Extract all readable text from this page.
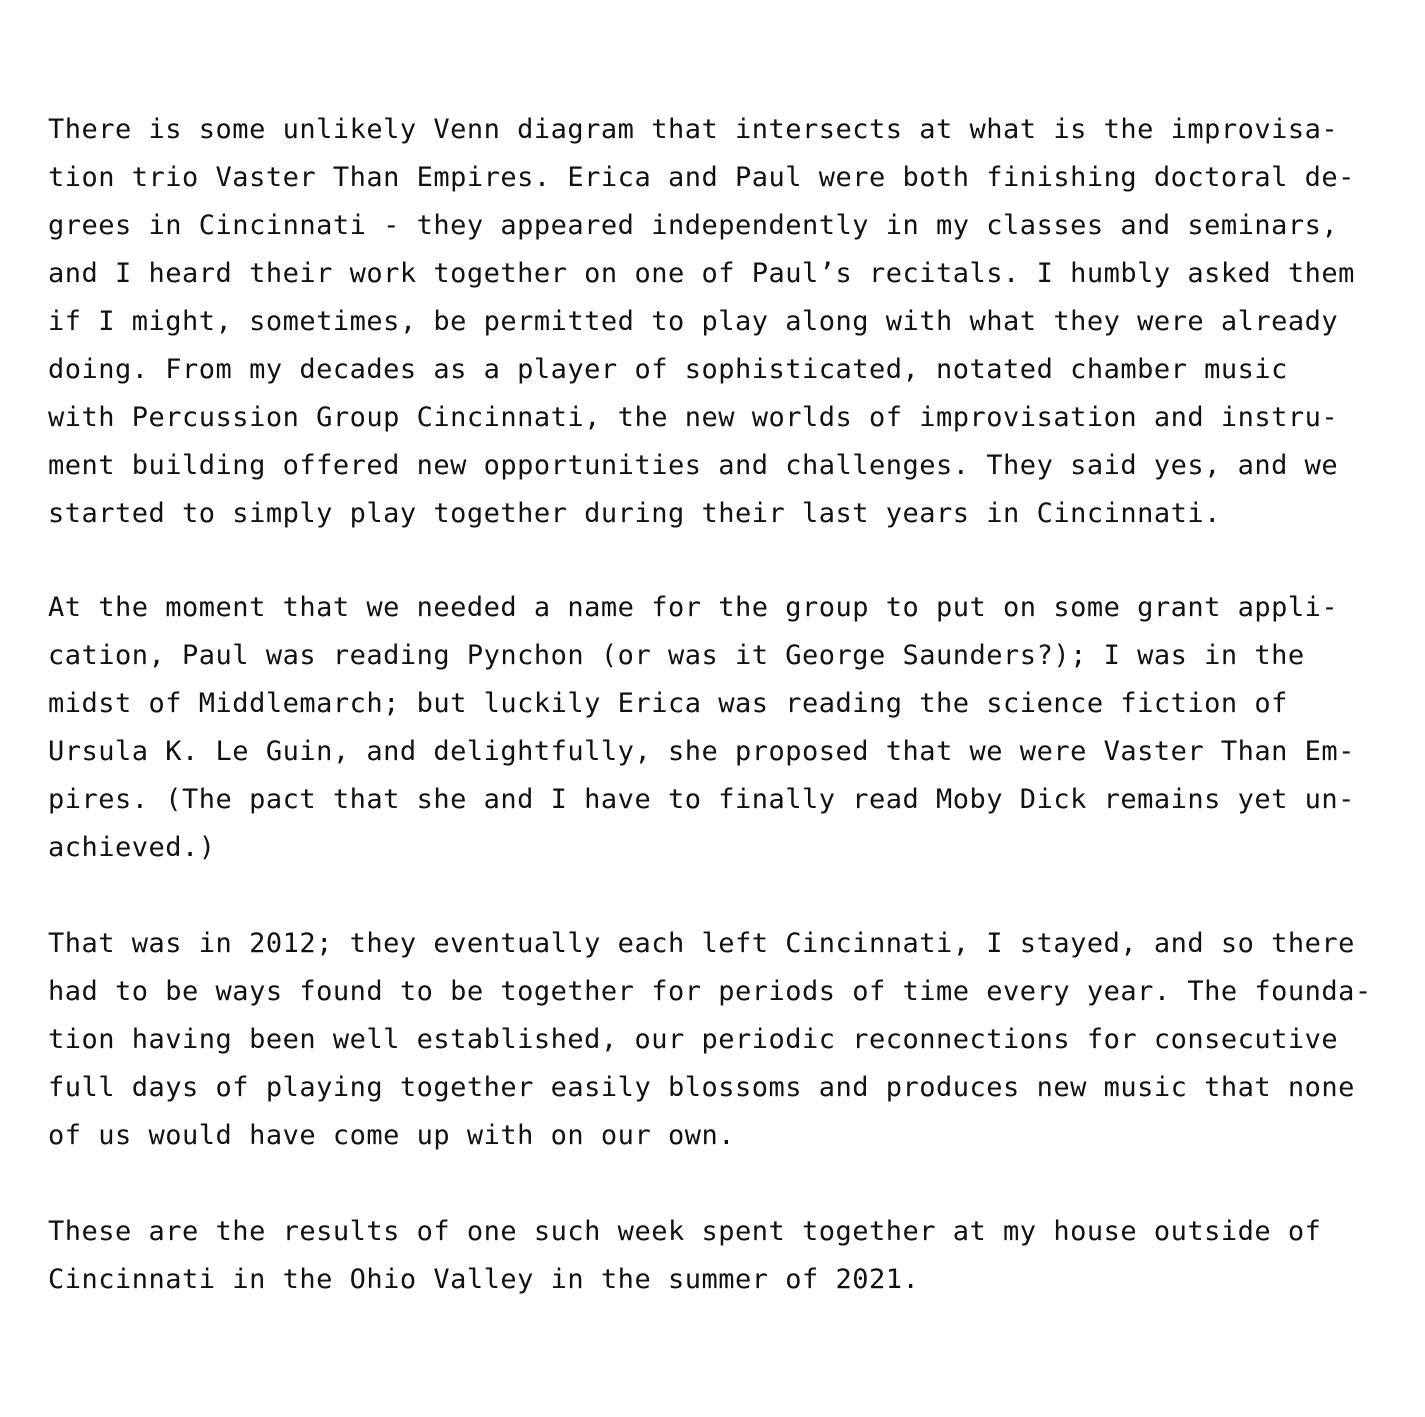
There is some unlikely Venn diagram that intersects at what is the improvisa-
tion trio Vaster Than Empires. Erica and Paul were both finishing doctoral de-
grees in Cincinnati - they appeared independently in my classes and seminars,
and I heard their work together on one of Paul’s recitals. I humbly asked them
if I might, sometimes, be permitted to play along with what they were already
doing. From my decades as a player of sophisticated, notated chamber music
with Percussion Group Cincinnati, the new worlds of improvisation and instru-
ment building offered new opportunities and challenges. They said yes, and we
started to simply play together during their last years in Cincinnati.
At the moment that we needed a name for the group to put on some grant appli-
cation, Paul was reading Pynchon (or was it George Saunders?); I was in the
midst of Middlemarch; but luckily Erica was reading the science fiction of
Ursula K. Le Guin, and delightfully, she proposed that we were Vaster Than Em-
pires. (The pact that she and I have to finally read Moby Dick remains yet un-
achieved.)
That was in 2012; they eventually each left Cincinnati, I stayed, and so there
had to be ways found to be together for periods of time every year. The founda-
tion having been well established, our periodic reconnections for consecutive
full days of playing together easily blossoms and produces new music that none
of us would have come up with on our own.
These are the results of one such week spent together at my house outside of
Cincinnati in the Ohio Valley in the summer of 2021.
